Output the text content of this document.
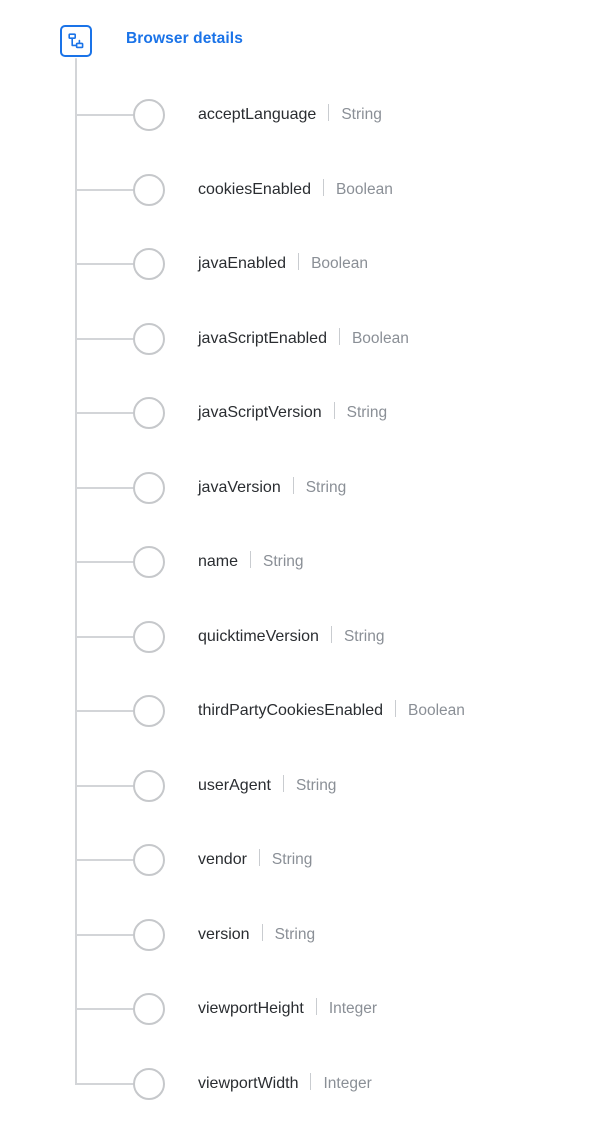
Browser details
acceptLanguage String
cookiesEnabled Boolean
javaEnabled Boolean
javaScriptEnabled Boolean
javaScriptVersion String
javaVersion String
name String
quicktimeVersion String
thirdPartyCookiesEnabled Boolean
userAgent String
vendor String
version String
viewportHeight Integer
viewportWidth Integer
